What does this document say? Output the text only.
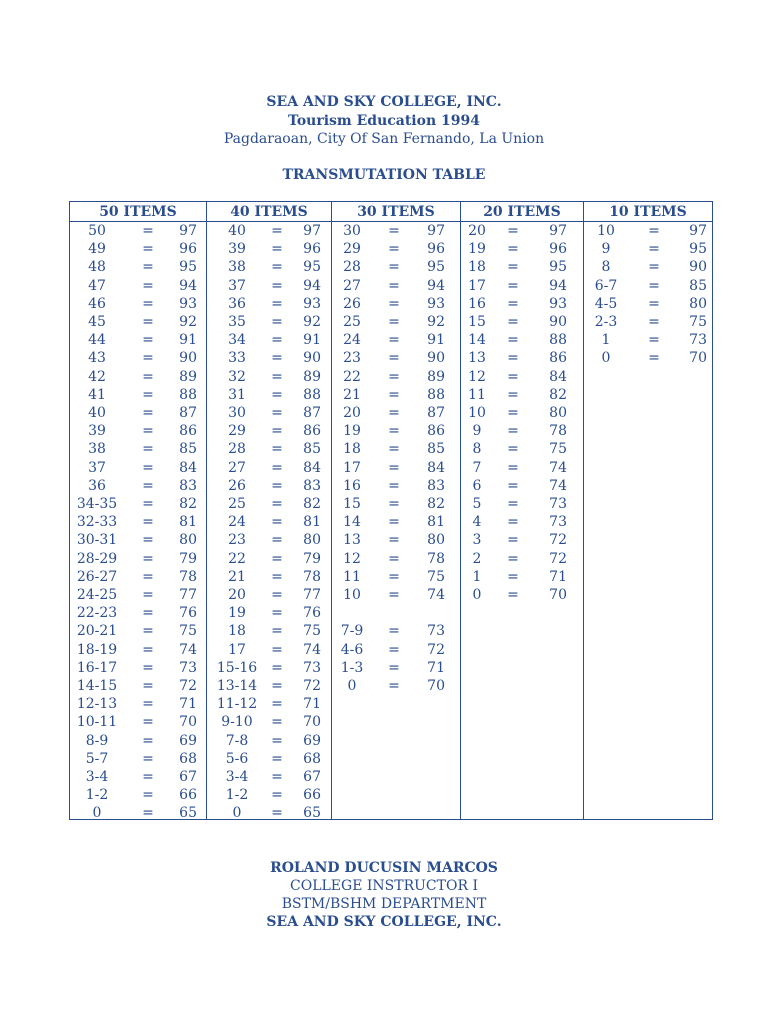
SEA AND SKY COLLEGE, INC.
Tourism Education 1994
Pagdaraoan, City Of San Fernando, La Union
TRANSMUTATION TABLE
50 ITEMS
50	=	97
49	=	96
48	=	95
47	=	94
46	=	93
45	=	92
44	=	91
43	=	90
42	=	89
41	=	88
40	=	87
39	=	86
38	=	85
37	=	84
36	=	83
34-35	=	82
32-33	=	81
30-31	=	80
28-29	=	79
26-27	=	78
24-25	=	77
22-23	=	76
20-21	=	75
18-19	=	74
16-17	=	73
14-15	=	72
12-13	=	71
10-11	=	70
8-9	=	69
5-7	=	68
3-4	=	67
1-2	=	66
0	=	65
40 ITEMS
40	=	97
39	=	96
38	=	95
37	=	94
36	=	93
35	=	92
34	=	91
33	=	90
32	=	89
31	=	88
30	=	87
29	=	86
28	=	85
27	=	84
26	=	83
25	=	82
24	=	81
23	=	80
22	=	79
21	=	78
20	=	77
19	=	76
18	=	75
17	=	74
15-16 =	73
13-14 =	72
11-12 =	71
9-10	=	70
7-8	=	69
5-6	=	68
3-4	=	67
1-2	=	66
0	=	65
30 ITEMS
30	=	97
29	=	96
28	=	95
27	=	94
26	=	93
25	=	92
24	=	91
23	=	90
22	=	89
21	=	88
20	=	87
19	=	86
18	=	85
17	=	84
16	=	83
15	=	82
14	=	81
13	=	80
12	=	78
11	=	75
10	=	74
7-9	=	73
4-6	=	72
1-3	=	71
0	=	70
20 ITEMS
20	=	97
19	=	96
18	=	95
17	=	94
16	=	93
15	=	90
14	=	88
13	=	86
12	=	84
11	=	82
10	=	80
9	=	78
8	=	75
7	=	74
6	=	74
5	=	73
4	=	73
3	=	72
2	=	72
1	=	71
0	=	70
10 ITEMS
10	=	97
9	=	95
8	=	90
6-7	=	85
4-5	=	80
2-3	=	75
1	=	73
0	=	70
ROLAND DUCUSIN MARCOS
COLLEGE INSTRUCTOR I
BSTM/BSHM DEPARTMENT
SEA AND SKY COLLEGE, INC.
